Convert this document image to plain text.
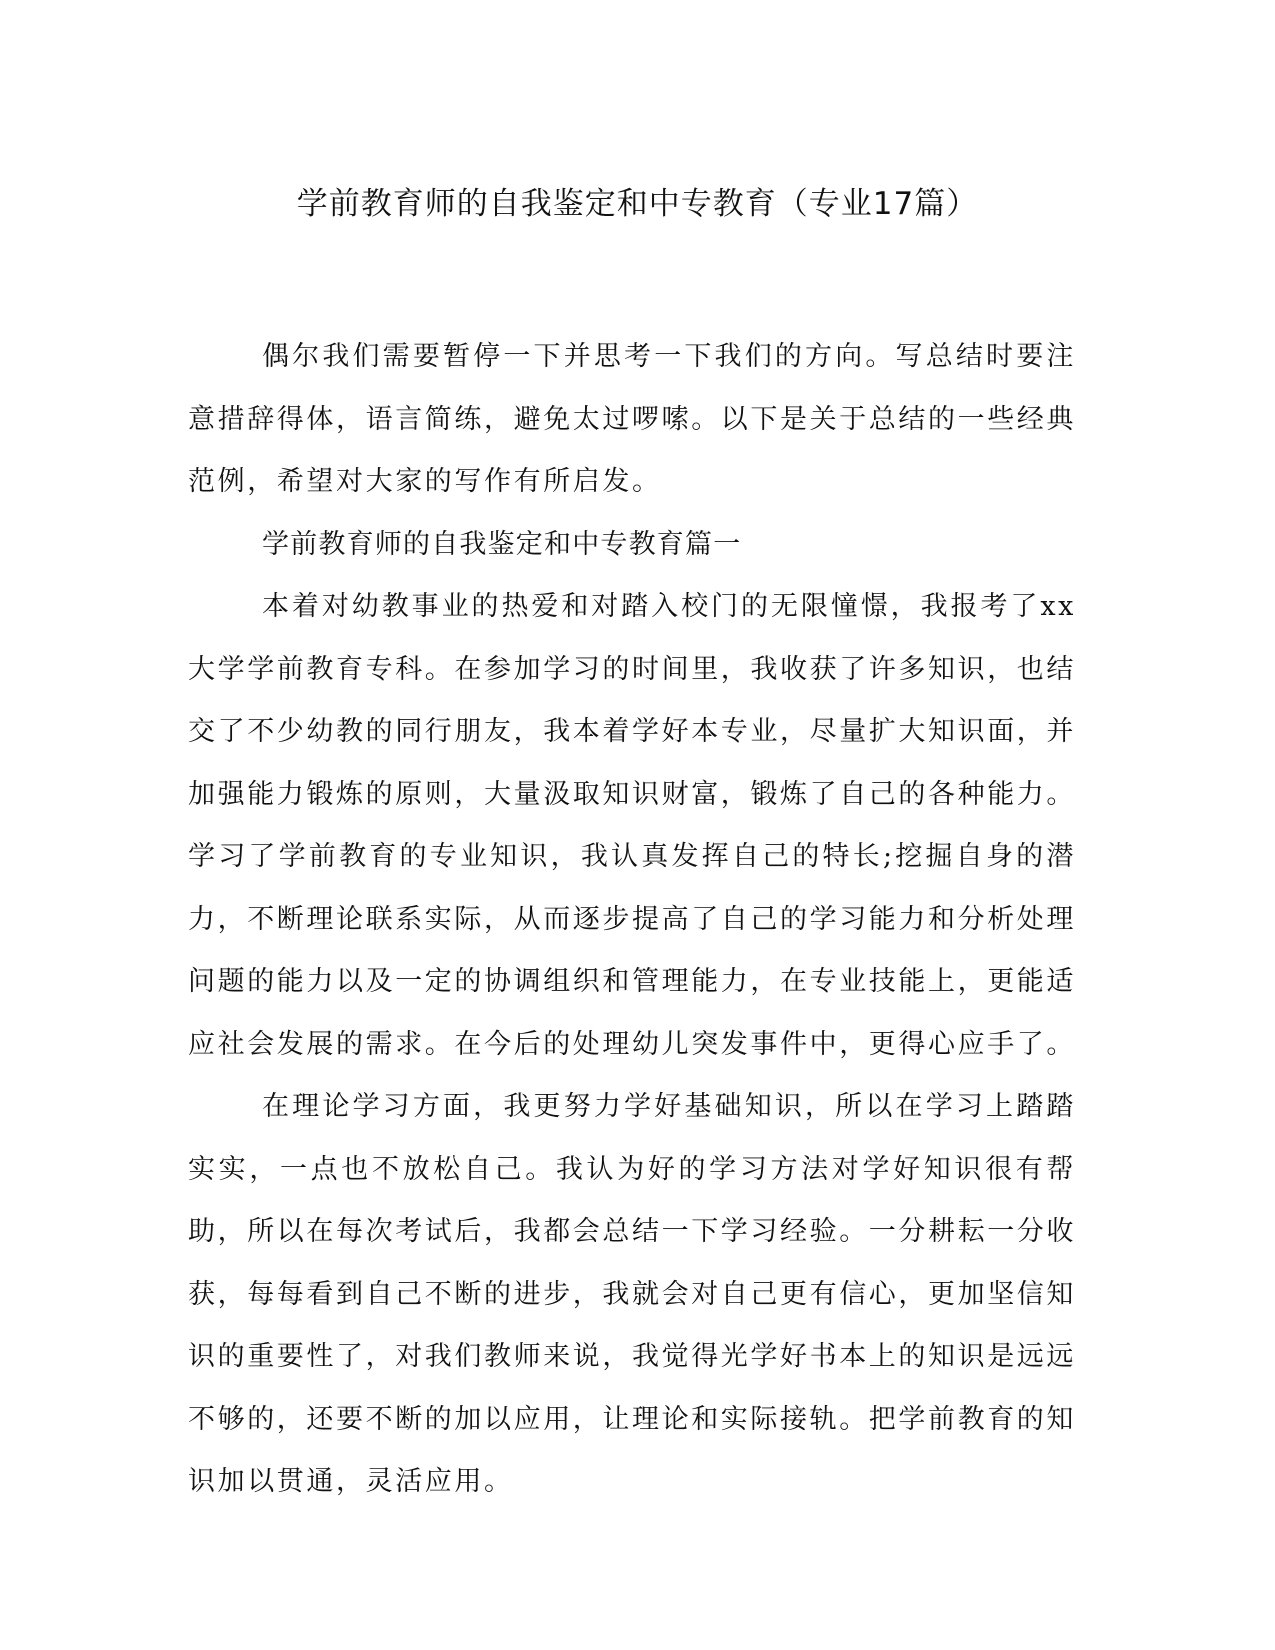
学前教育师的自我鉴定和中专教育（专业17篇）

偶尔我们需要暂停一下并思考一下我们的方向。写总结时要注意措辞得体，语言简练，避免太过啰嗦。以下是关于总结的一些经典范例，希望对大家的写作有所启发。

学前教育师的自我鉴定和中专教育篇一

本着对幼教事业的热爱和对踏入校门的无限憧憬，我报考了xx大学学前教育专科。在参加学习的时间里，我收获了许多知识，也结交了不少幼教的同行朋友，我本着学好本专业，尽量扩大知识面，并加强能力锻炼的原则，大量汲取知识财富，锻炼了自己的各种能力。学习了学前教育的专业知识，我认真发挥自己的特长;挖掘自身的潜力，不断理论联系实际，从而逐步提高了自己的学习能力和分析处理问题的能力以及一定的协调组织和管理能力，在专业技能上，更能适应社会发展的需求。在今后的处理幼儿突发事件中，更得心应手了。

在理论学习方面，我更努力学好基础知识，所以在学习上踏踏实实，一点也不放松自己。我认为好的学习方法对学好知识很有帮助，所以在每次考试后，我都会总结一下学习经验。一分耕耘一分收获，每每看到自己不断的进步，我就会对自己更有信心，更加坚信知识的重要性了，对我们教师来说，我觉得光学好书本上的知识是远远不够的，还要不断的加以应用，让理论和实际接轨。把学前教育的知识加以贯通，灵活应用。
